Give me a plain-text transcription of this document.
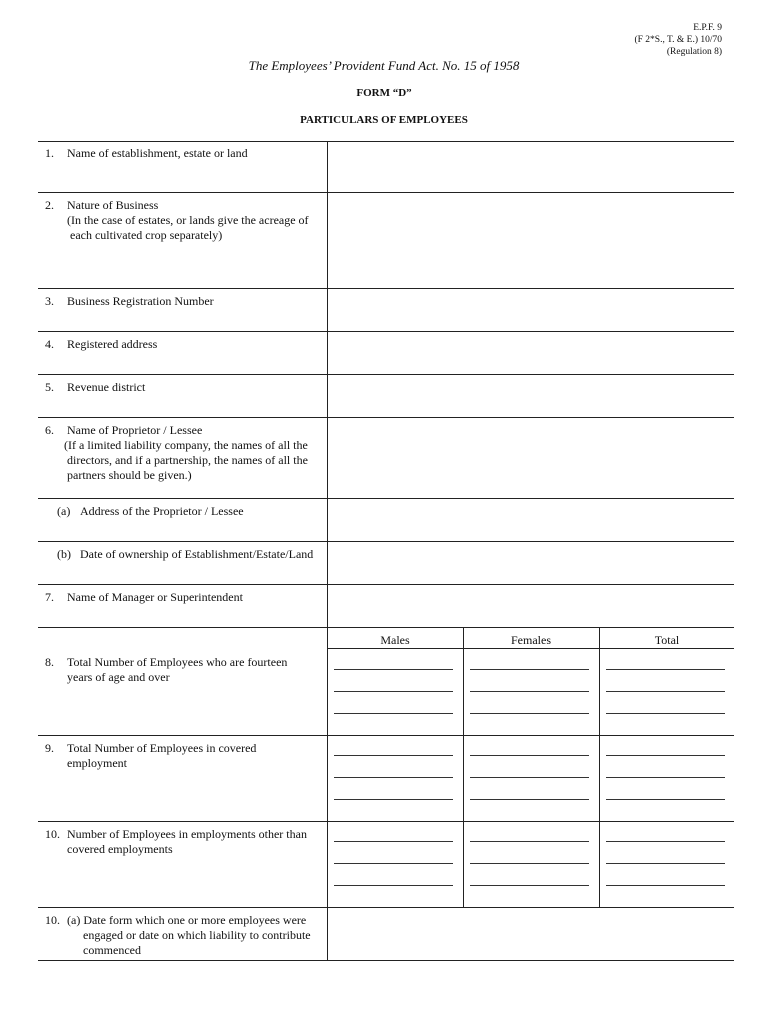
E.P.F. 9
(F 2*S., T. & E.) 10/70
(Regulation 8)
The Employees’ Provident Fund Act. No. 15 of 1958
FORM “D”
PARTICULARS OF EMPLOYEES
Males	Females	Total
1. Name of establishment, estate or land
2. Nature of Business
(In the case of estates, or lands give the acreage of
each cultivated crop separately)
3. Business Registration Number
4. Registered address
5. Revenue district
6. Name of Proprietor / Lessee
(If a limited liability company, the names of all the
directors, and if a partnership, the names of all the
partners should be given.)
(a) Address of the Proprietor / Lessee
(b) Date of ownership of Establishment/Estate/Land
7. Name of Manager or Superintendent
8. Total Number of Employees who are fourteen
years of age and over
9. Total Number of Employees in covered
employment
10. Number of Employees in employments other than
covered employments
10. (a) Date form which one or more employees were
engaged or date on which liability to contribute
commenced
